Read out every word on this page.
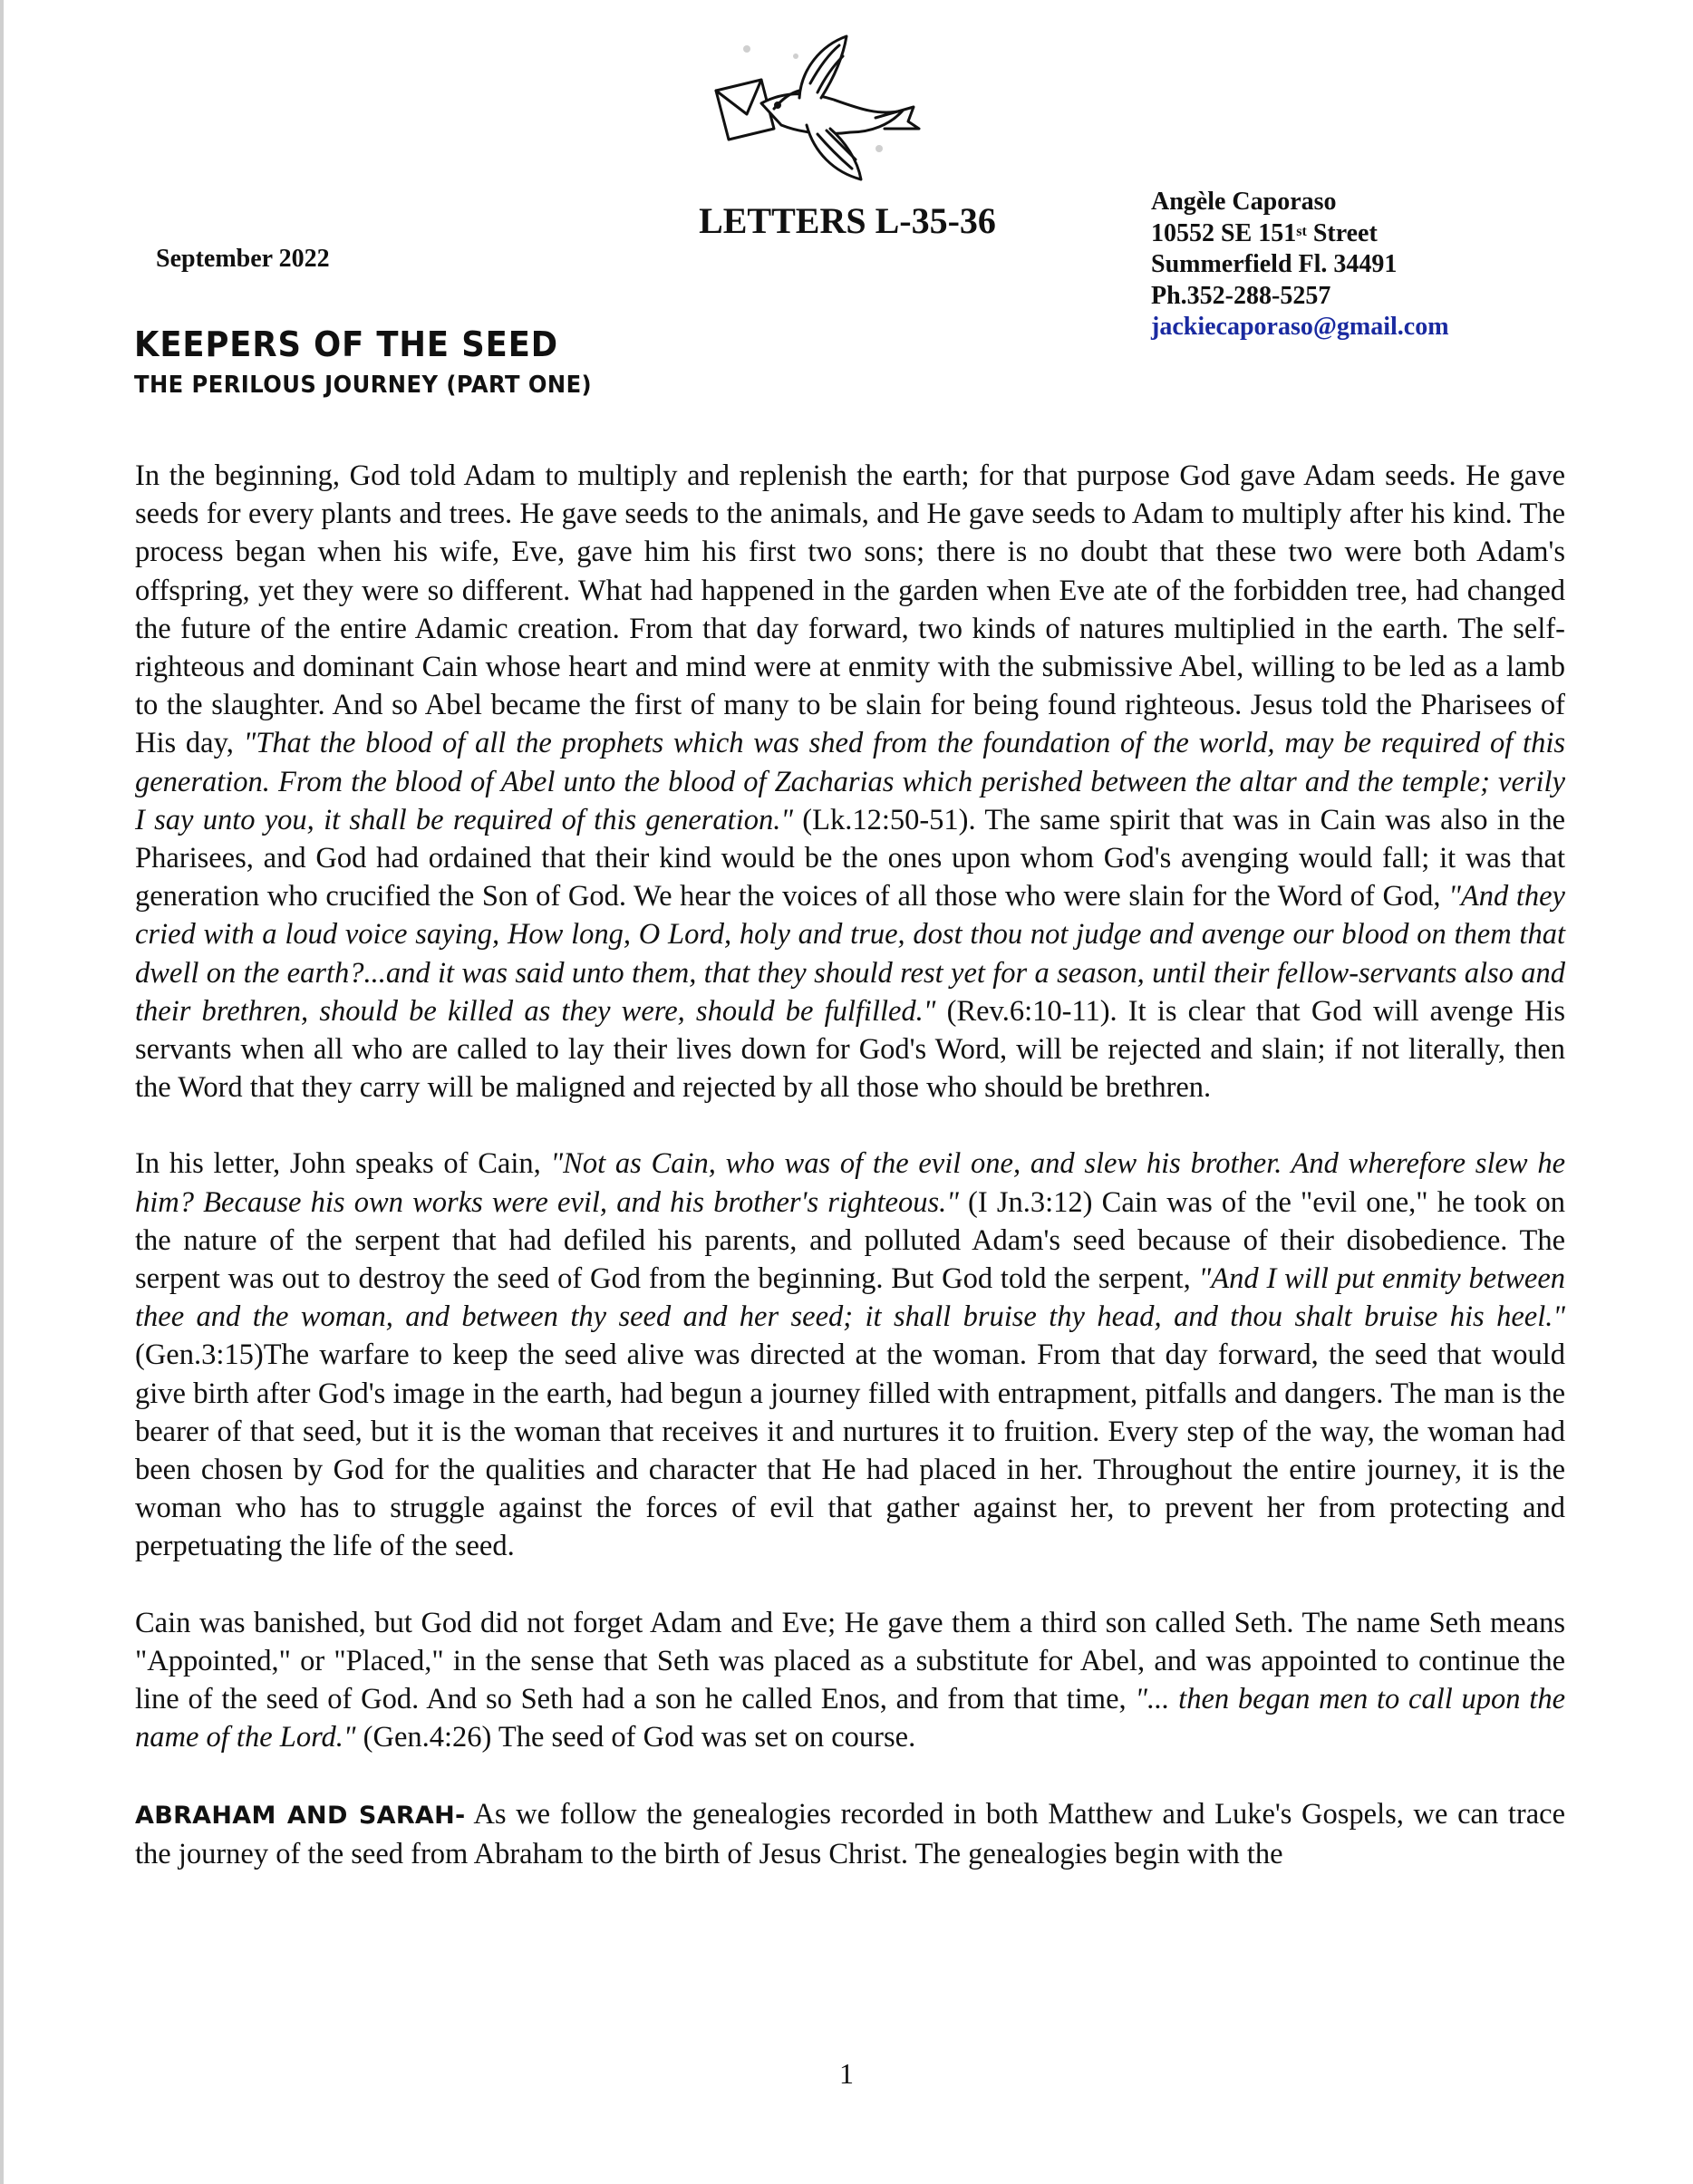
LETTERS L-35-36
September 2022
Angèle Caporaso
10552 SE 151st Street
Summerfield Fl. 34491
Ph.352-288-5257
jackiecaporaso@gmail.com
KEEPERS OF THE SEED
THE PERILOUS JOURNEY (PART ONE)

In the beginning, God told Adam to multiply and replenish the earth; for that purpose God gave Adam seeds. He gave seeds for every plants and trees. He gave seeds to the animals, and He gave seeds to Adam to multiply after his kind. The process began when his wife, Eve, gave him his first two sons; there is no doubt that these two were both Adam's offspring, yet they were so different. What had happened in the garden when Eve ate of the forbidden tree, had changed the future of the entire Adamic creation. From that day forward, two kinds of natures multiplied in the earth. The self-righteous and dominant Cain whose heart and mind were at enmity with the submissive Abel, willing to be led as a lamb to the slaughter. And so Abel became the first of many to be slain for being found righteous. Jesus told the Pharisees of His day, "That the blood of all the prophets which was shed from the foundation of the world, may be required of this generation. From the blood of Abel unto the blood of Zacharias which perished between the altar and the temple; verily I say unto you, it shall be required of this generation." (Lk.12:50-51). The same spirit that was in Cain was also in the Pharisees, and God had ordained that their kind would be the ones upon whom God's avenging would fall; it was that generation who crucified the Son of God. We hear the voices of all those who were slain for the Word of God, "And they cried with a loud voice saying, How long, O Lord, holy and true, dost thou not judge and avenge our blood on them that dwell on the earth?...and it was said unto them, that they should rest yet for a season, until their fellow-servants also and their brethren, should be killed as they were, should be fulfilled." (Rev.6:10-11). It is clear that God will avenge His servants when all who are called to lay their lives down for God's Word, will be rejected and slain; if not literally, then the Word that they carry will be maligned and rejected by all those who should be brethren.

In his letter, John speaks of Cain, "Not as Cain, who was of the evil one, and slew his brother. And wherefore slew he him? Because his own works were evil, and his brother's righteous." (I Jn.3:12) Cain was of the "evil one," he took on the nature of the serpent that had defiled his parents, and polluted Adam's seed because of their disobedience. The serpent was out to destroy the seed of God from the beginning. But God told the serpent, "And I will put enmity between thee and the woman, and between thy seed and her seed; it shall bruise thy head, and thou shalt bruise his heel." (Gen.3:15)The warfare to keep the seed alive was directed at the woman. From that day forward, the seed that would give birth after God's image in the earth, had begun a journey filled with entrapment, pitfalls and dangers. The man is the bearer of that seed, but it is the woman that receives it and nurtures it to fruition. Every step of the way, the woman had been chosen by God for the qualities and character that He had placed in her. Throughout the entire journey, it is the woman who has to struggle against the forces of evil that gather against her, to prevent her from protecting and perpetuating the life of the seed.

Cain was banished, but God did not forget Adam and Eve; He gave them a third son called Seth. The name Seth means "Appointed," or "Placed," in the sense that Seth was placed as a substitute for Abel, and was appointed to continue the line of the seed of God. And so Seth had a son he called Enos, and from that time, "... then began men to call upon the name of the Lord." (Gen.4:26) The seed of God was set on course.

ABRAHAM AND SARAH- As we follow the genealogies recorded in both Matthew and Luke's Gospels, we can trace the journey of the seed from Abraham to the birth of Jesus Christ. The genealogies begin with the

1
